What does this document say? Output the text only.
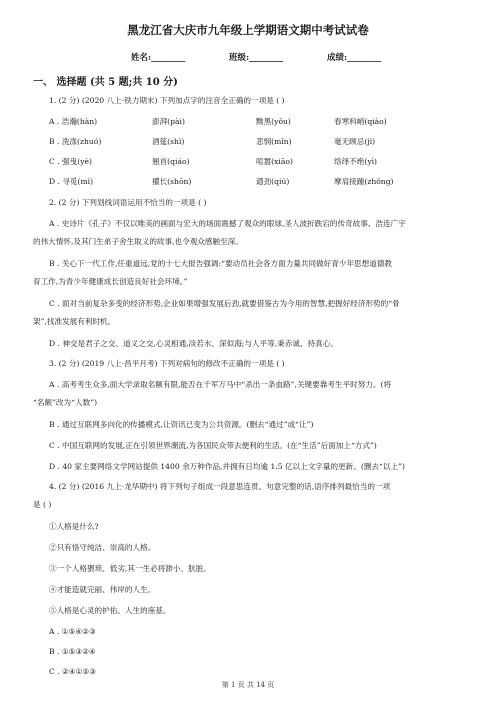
黑龙江省大庆市九年级上学期语文期中考试试卷
姓名:________	班级:________	成绩:________
一、 选择题 (共 5 题;共 10 分)
1. (2 分) (2020 八上·铁力期末) 下列加点字的注音全正确的一项是 ( )
A . 浩瀚(hàn)	澎湃(pài)	黝黑(yǒu)	春寒料峭(qiào)
B . 洗涤(zhuó)	酒筵(shì)	悲悯(mǐn)	毫无顾忌(jì)
C . 强曳(yè)	翘首(qiáo)	喧嚣(xiāo)	络绎不绝(yì)
D . 寻觅(mì)	擢长(shōn)	遒劲(qiú)	摩肩接踵(zhǒng)
2. (2 分) 下列划线词语运用不恰当的一项是 ( )
A . 史诗片《孔子》不仅以唯美的画面与宏大的场面震撼了观众的眼球,圣人波折跌宕的传奇故事、浩连广宇
的伟大情怀,及其门生弟子舍生取义的故事,也令观众感触至深。
B . 关心下一代工作,任重道远,党的十七大报告强调:“要动员社会各方面力量共同做好青少年思想道德教
育工作,为青少年健康成长创造良好社会环境。”
C . 面对当前复杂多变的经济形势,企业如果增强发展后劲,就要借鉴古为今用的智慧,把握好经济形势的“骨
架”,找准发展有利时机。
D . 神交是君子之交、道义之交,心灵相通,淡若水、深似海;与人平等,秉赤诚、持真心。
3. (2 分) (2019 八上·昌平月考) 下列对病句的修改不正确的一项是 ( )
A . 高考考生众多,面大学录取名额有限,能否在千军万马中“杀出一条血路”,关键要靠考生平时努力。(将
“名额”改为“人数”)
B . 通过互联网多向化的传播模式,让资讯已变为公共资源。(删去“通过”或“让”)
C . 中国互联网的发展,正在引领世界潮流,为各国民众带去便利的生活。(在“生活”后面加上“方式”)
D . 40 家主要网络文学网站提供 1400 余万种作品,并拥有日均逾 1.5 亿以上文字量的更新。(删去“以上”)
4. (2 分) (2016 九上·龙华期中) 将下列句子组成一段意思连贯、句意完整的话,语序排列最恰当的一项
是 ( )
①人格是什么?
②只有恪守纯洁、崇高的人格。
③一个人格猥琐、低劣,其一生必将渺小、肮脏。
④才能造就完丽、伟岸的人生。
⑤人格是心灵的护佑、人生的座基。
A . ①⑤④②③
B . ①⑤③②④
C . ②④①⑤③
第 1 页 共 14 页
